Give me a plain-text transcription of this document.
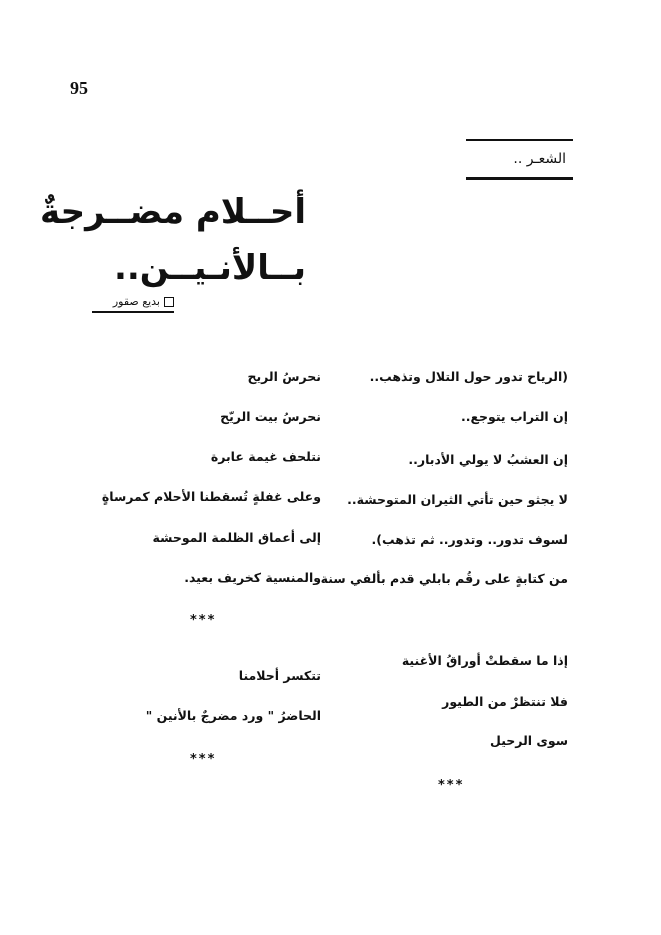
95
الشعـر ..
أحــلام مضــرجةٌ
بــالأنـيــن..
بديع صقور
(الرياح تدور حول التلال وتذهب..
إن التراب يتوجع..
إن العشبُ لا يولي الأدبار..
لا يجثو حين تأتي الثيران المتوحشة..
لسوف تدور.. وتدور.. ثم تذهب).
من كتابةٍ على رقُم بابلي قدم بألفي سنة
إذا ما سقطتْ أوراقُ الأغنية
فلا تنتظرْ من الطيور
سوى الرحيل
***
نحرسُ الريح
نحرسُ بيت الريّح
نتلحف غيمة عابرة
وعلى غفلةٍ تُسقطنا الأحلام كمرساةٍ
إلى أعماق الظلمة الموحشة
والمنسية كخريف بعيد.
***
تتكسر أحلامنا
الحاضرُ " ورد مضرجٌ بالأنين "
***
